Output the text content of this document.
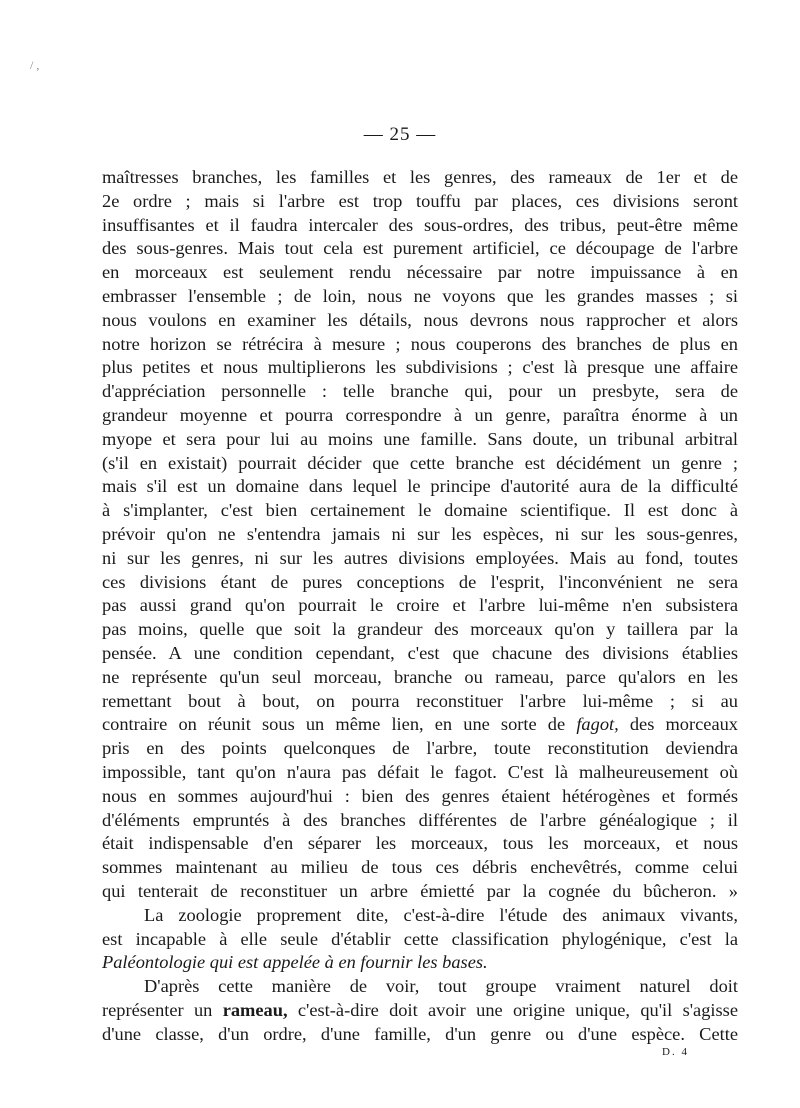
/ ,
— 25 —
maîtresses branches, les familles et les genres, des rameaux de 1er et de
2e ordre ; mais si l'arbre est trop touffu par places, ces divisions seront
insuffisantes et il faudra intercaler des sous-ordres, des tribus, peut-être même
des sous-genres. Mais tout cela est purement artificiel, ce découpage de l'arbre
en morceaux est seulement rendu nécessaire par notre impuissance à en
embrasser l'ensemble ; de loin, nous ne voyons que les grandes masses ; si
nous voulons en examiner les détails, nous devrons nous rapprocher et alors
notre horizon se rétrécira à mesure ; nous couperons des branches de plus en
plus petites et nous multiplierons les subdivisions ; c'est là presque une affaire
d'appréciation personnelle : telle branche qui, pour un presbyte, sera de
grandeur moyenne et pourra correspondre à un genre, paraîtra énorme à un
myope et sera pour lui au moins une famille. Sans doute, un tribunal arbitral
(s'il en existait) pourrait décider que cette branche est décidément un genre ;
mais s'il est un domaine dans lequel le principe d'autorité aura de la difficulté
à s'implanter, c'est bien certainement le domaine scientifique. Il est donc à
prévoir qu'on ne s'entendra jamais ni sur les espèces, ni sur les sous-genres,
ni sur les genres, ni sur les autres divisions employées. Mais au fond, toutes
ces divisions étant de pures conceptions de l'esprit, l'inconvénient ne sera
pas aussi grand qu'on pourrait le croire et l'arbre lui-même n'en subsistera
pas moins, quelle que soit la grandeur des morceaux qu'on y taillera par la
pensée. A une condition cependant, c'est que chacune des divisions établies
ne représente qu'un seul morceau, branche ou rameau, parce qu'alors en les
remettant bout à bout, on pourra reconstituer l'arbre lui-même ; si au
contraire on réunit sous un même lien, en une sorte de fagot, des morceaux
pris en des points quelconques de l'arbre, toute reconstitution deviendra
impossible, tant qu'on n'aura pas défait le fagot. C'est là malheureusement où
nous en sommes aujourd'hui : bien des genres étaient hétérogènes et formés
d'éléments empruntés à des branches différentes de l'arbre généalogique ; il
était indispensable d'en séparer les morceaux, tous les morceaux, et nous
sommes maintenant au milieu de tous ces débris enchevêtrés, comme celui
qui tenterait de reconstituer un arbre émietté par la cognée du bûcheron. »
La zoologie proprement dite, c'est-à-dire l'étude des animaux vivants,
est incapable à elle seule d'établir cette classification phylogénique, c'est la
Paléontologie qui est appelée à en fournir les bases.
D'après cette manière de voir, tout groupe vraiment naturel doit
représenter un rameau, c'est-à-dire doit avoir une origine unique, qu'il s'agisse
d'une classe, d'un ordre, d'une famille, d'un genre ou d'une espèce. Cette
D. 4
